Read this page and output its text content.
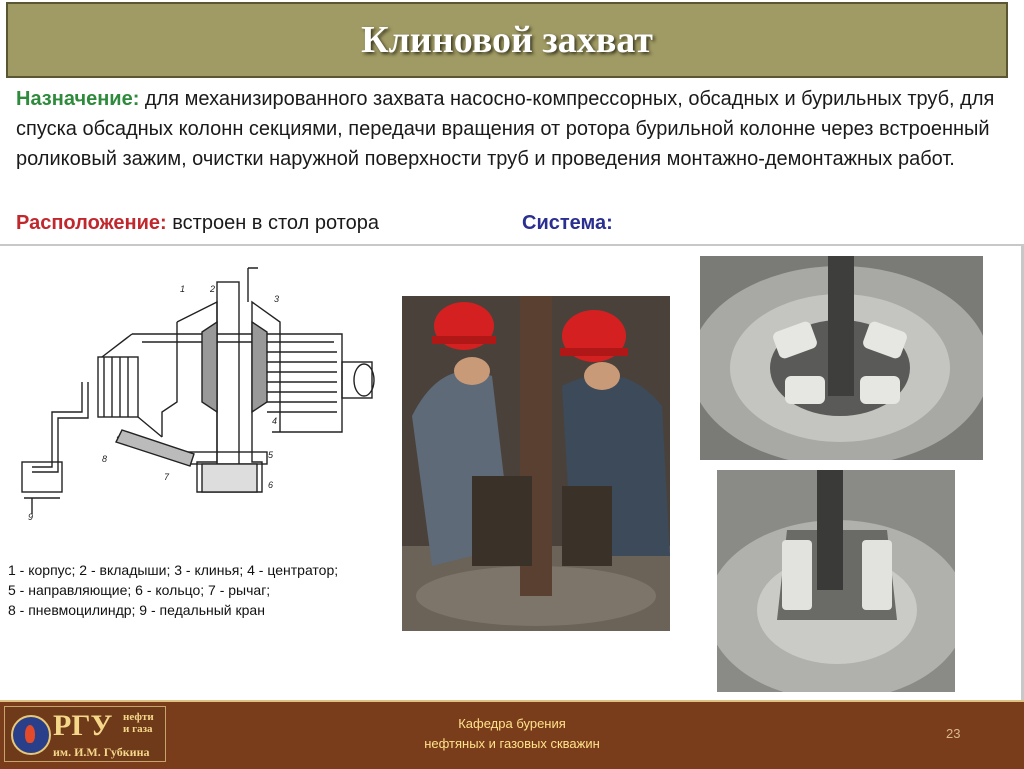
Клиновой захват
Назначение: для механизированного захвата насосно-компрессорных, обсадных и бурильных труб, для спуска обсадных колонн секциями, передачи вращения от ротора бурильной колонне через встроенный роликовый зажим, очистки наружной поверхности труб и проведения монтажно-демонтажных работ.
Расположение: встроен в стол ротора	Система:
1	2
3
4
5
6
7
8
9
1 - корпус; 2 - вкладыши; 3 - клинья; 4 - центратор;
5 - направляющие; 6 - кольцо; 7 - рычаг;
8 - пневмоцилиндр; 9 - педальный кран
РГУ нефти
и газа
им. И.М. Губкина
Кафедра бурения
нефтяных и газовых скважин
23
